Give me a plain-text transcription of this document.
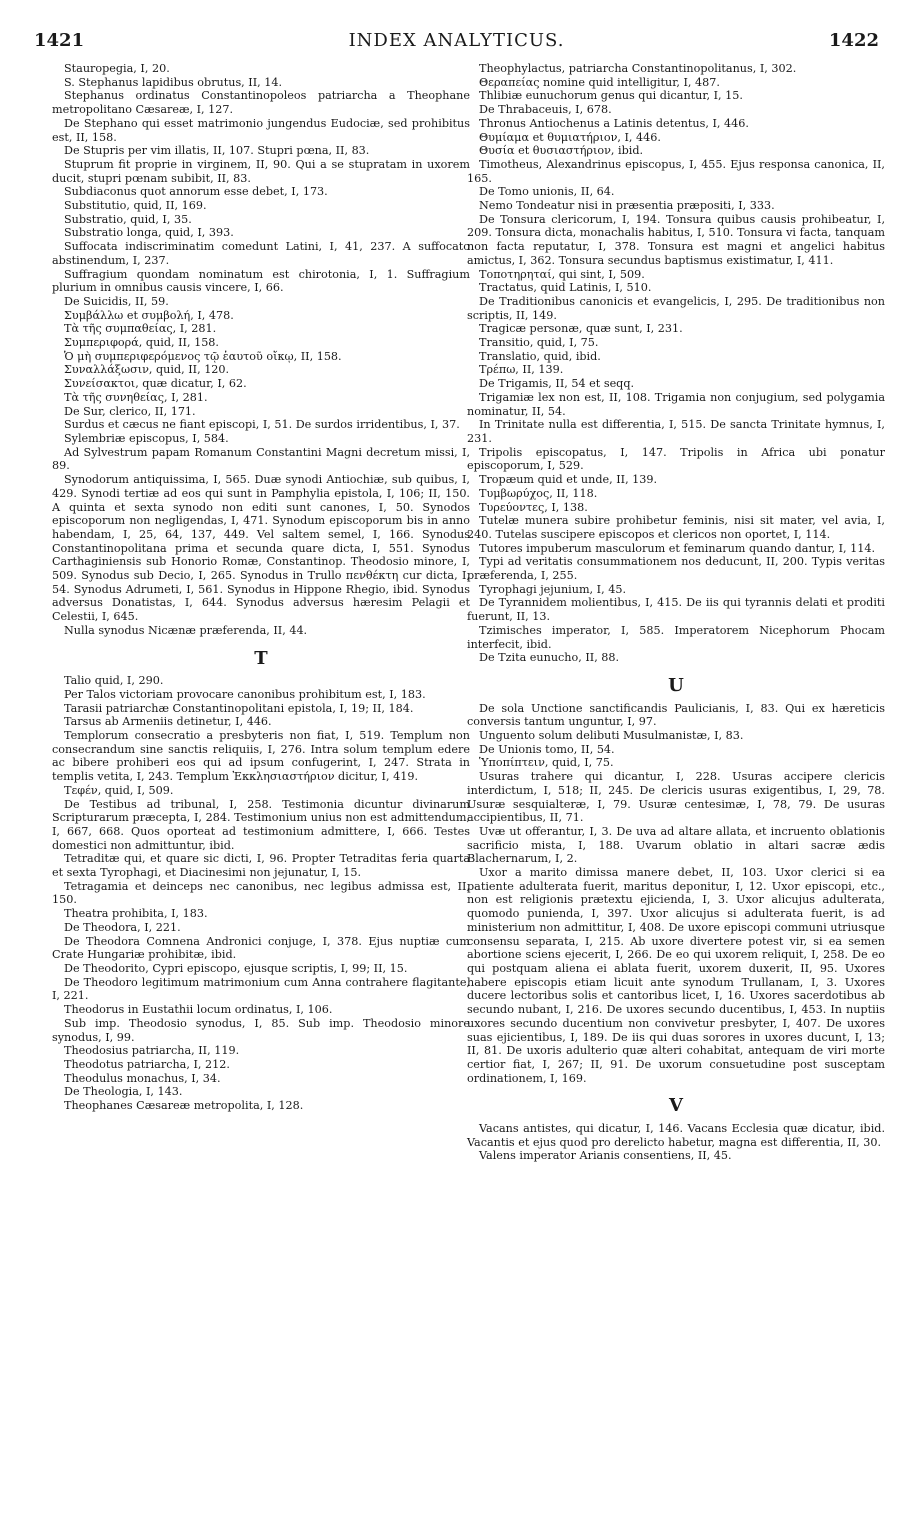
1421	INDEX ANALYTICUS.	1422

Stauropegia, I, 20.

S. Stephanus lapidibus obrutus, II, 14.

Stephanus ordinatus Constantinopoleos patriarcha a Theophane metropolitano Cæsareæ, I, 127.

De Stephano qui esset matrimonio jungendus Eudociæ, sed prohibitus est, II, 158.

De Stupris per vim illatis, II, 107. Stupri pœna, II, 83.

Stuprum fit proprie in virginem, II, 90. Qui a se stupratam in uxorem ducit, stupri pœnam subibit, II, 83.

Subdiaconus quot annorum esse debet, I, 173.

Substitutio, quid, II, 169.

Substratio, quid, I, 35.

Substratio longa, quid, I, 393.

Suffocata indiscriminatim comedunt Latini, I, 41, 237. A suffocato abstinendum, I, 237.

Suffragium quondam nominatum est chirotonia, I, 1. Suffragium plurium in omnibus causis vincere, I, 66.

De Suicidis, II, 59.

Συμβάλλω et συμβολή, I, 478.

Τὰ τῆς συμπαθείας, I, 281.

Συμπεριφορά, quid, II, 158.

Ὁ μὴ συμπεριφερόμενος τῷ ἑαυτοῦ οἴκῳ, II, 158.

Συναλλάξωσιν, quid, II, 120.

Συνείσακτοι, quæ dicatur, I, 62.

Τὰ τῆς συνηθείας, I, 281.

De Sur, clerico, II, 171.

Surdus et cæcus ne fiant episcopi, I, 51. De surdos irridentibus, I, 37.

Sylembriæ episcopus, I, 584.

Ad Sylvestrum papam Romanum Constantini Magni decretum missi, I, 89.

Synodorum antiquissima, I, 565. Duæ synodi Antiochiæ, sub quibus, I, 429. Synodi tertiæ ad eos qui sunt in Pamphylia epistola, I, 106; II, 150. A quinta et sexta synodo non editi sunt canones, I, 50. Synodos episcoporum non negligendas, I, 471. Synodum episcoporum bis in anno habendam, I, 25, 64, 137, 449. Vel saltem semel, I, 166. Synodus Constantinopolitana prima et secunda quare dicta, I, 551. Synodus Carthaginiensis sub Honorio Romæ, Constantinop. Theodosio minore, I, 509. Synodus sub Decio, I, 265. Synodus in Trullo πενθέκτη cur dicta, I, 54. Synodus Adrumeti, I, 561. Synodus in Hippone Rhegio, ibid. Synodus adversus Donatistas, I, 644. Synodus adversus hæresim Pelagii et Celestii, I, 645.

Nulla synodus Nicænæ præferenda, II, 44.

T

Talio quid, I, 290.

Per Talos victoriam provocare canonibus prohibitum est, I, 183.

Tarasii patriarchæ Constantinopolitani epistola, I, 19; II, 184.

Tarsus ab Armeniis detinetur, I, 446.

Templorum consecratio a presbyteris non fiat, I, 519. Templum non consecrandum sine sanctis reliquiis, I, 276. Intra solum templum edere ac bibere prohiberi eos qui ad ipsum confugerint, I, 247. Strata in templis vetita, I, 243. Templum Ἐκκλησιαστήριον dicitur, I, 419.

Τεφέν, quid, I, 509.

De Testibus ad tribunal, I, 258. Testimonia dicuntur divinarum Scripturarum præcepta, I, 284. Testimonium unius non est admittendum, I, 667, 668. Quos oporteat ad testimonium admittere, I, 666. Testes domestici non admittuntur, ibid.

Tetraditæ qui, et quare sic dicti, I, 96. Propter Tetraditas feria quarta et sexta Tyrophagi, et Diacinesimi non jejunatur, I, 15.

Tetragamia et deinceps nec canonibus, nec legibus admissa est, II, 150.

Theatra prohibita, I, 183.

De Theodora, I, 221.

De Theodora Comnena Andronici conjuge, I, 378. Ejus nuptiæ cum Crate Hungariæ prohibitæ, ibid.

De Theodorito, Cypri episcopo, ejusque scriptis, I, 99; II, 15.

De Theodoro legitimum matrimonium cum Anna contrahere flagitante, I, 221.

Theodorus in Eustathii locum ordinatus, I, 106.

Sub imp. Theodosio synodus, I, 85. Sub imp. Theodosio minore synodus, I, 99.

Theodosius patriarcha, II, 119.

Theodotus patriarcha, I, 212.

Theodulus monachus, I, 34.

De Theologia, I, 143.

Theophanes Cæsareæ metropolita, I, 128.

Theophylactus, patriarcha Constantinopolitanus, I, 302.

Θεραπείας nomine quid intelligitur, I, 487.

Thlibiæ eunuchorum genus qui dicantur, I, 15.

De Thrabaceuis, I, 678.

Thronus Antiochenus a Latinis detentus, I, 446.

Θυμίαμα et θυμιατήριον, I, 446.

Θυσία et θυσιαστήριον, ibid.

Timotheus, Alexandrinus episcopus, I, 455. Ejus responsa canonica, II, 165.

De Tomo unionis, II, 64.

Nemo Tondeatur nisi in præsentia præpositi, I, 333.

De Tonsura clericorum, I, 194. Tonsura quibus causis prohibeatur, I, 209. Tonsura dicta, monachalis habitus, I, 510. Tonsura vi facta, tanquam non facta reputatur, I, 378. Tonsura est magni et angelici habitus amictus, I, 362. Tonsura secundus baptismus existimatur, I, 411.

Τοποτηρηταί, qui sint, I, 509.

Tractatus, quid Latinis, I, 510.

De Traditionibus canonicis et evangelicis, I, 295. De traditionibus non scriptis, II, 149.

Tragicæ personæ, quæ sunt, I, 231.

Transitio, quid, I, 75.

Translatio, quid, ibid.

Τρέπω, II, 139.

De Trigamis, II, 54 et seqq.

Trigamiæ lex non est, II, 108. Trigamia non conjugium, sed polygamia nominatur, II, 54.

In Trinitate nulla est differentia, I, 515. De sancta Trinitate hymnus, I, 231.

Tripolis episcopatus, I, 147. Tripolis in Africa ubi ponatur episcoporum, I, 529.

Tropæum quid et unde, II, 139.

Τυμβωρύχος, II, 118.

Τυρεύοντες, I, 138.

Tutelæ munera subire prohibetur feminis, nisi sit mater, vel avia, I, 240. Tutelas suscipere episcopos et clericos non oportet, I, 114.

Tutores impuberum masculorum et feminarum quando dantur, I, 114.

Typi ad veritatis consummationem nos deducunt, II, 200. Typis veritas præferenda, I, 255.

Tyrophagi jejunium, I, 45.

De Tyrannidem molientibus, I, 415. De iis qui tyrannis delati et proditi fuerunt, II, 13.

Tzimisches imperator, I, 585. Imperatorem Nicephorum Phocam interfecit, ibid.

De Tzita eunucho, II, 88.

U

De sola Unctione sanctificandis Paulicianis, I, 83. Qui ex hæreticis conversis tantum unguntur, I, 97.

Unguento solum delibuti Musulmanistæ, I, 83.

De Unionis tomo, II, 54.

Ὑποπίπτειν, quid, I, 75.

Usuras trahere qui dicantur, I, 228. Usuras accipere clericis interdictum, I, 518; II, 245. De clericis usuras exigentibus, I, 29, 78. Usuræ sesquialteræ, I, 79. Usuræ centesimæ, I, 78, 79. De usuras accipientibus, II, 71.

Uvæ ut offerantur, I, 3. De uva ad altare allata, et incruento oblationis sacrificio mista, I, 188. Uvarum oblatio in altari sacræ ædis Blachernarum, I, 2.

Uxor a marito dimissa manere debet, II, 103. Uxor clerici si ea patiente adulterata fuerit, maritus deponitur, I, 12. Uxor episcopi, etc., non est religionis prætextu ejicienda, I, 3. Uxor alicujus adulterata, quomodo punienda, I, 397. Uxor alicujus si adulterata fuerit, is ad ministerium non admittitur, I, 408. De uxore episcopi communi utriusque consensu separata, I, 215. Ab uxore divertere potest vir, si ea semen abortione sciens ejecerit, I, 266. De eo qui uxorem reliquit, I, 258. De eo qui postquam aliena ei ablata fuerit, uxorem duxerit, II, 95. Uxores habere episcopis etiam licuit ante synodum Trullanam, I, 3. Uxores ducere lectoribus solis et cantoribus licet, I, 16. Uxores sacerdotibus ab secundo nubant, I, 216. De uxores secundo ducentibus, I, 453. In nuptiis uxores secundo ducentium non convivetur presbyter, I, 407. De uxores suas ejicientibus, I, 189. De iis qui duas sorores in uxores ducunt, I, 13; II, 81. De uxoris adulterio quæ alteri cohabitat, antequam de viri morte certior fiat, I, 267; II, 91. De uxorum consuetudine post susceptam ordinationem, I, 169.

V

Vacans antistes, qui dicatur, I, 146. Vacans Ecclesia quæ dicatur, ibid. Vacantis et ejus quod pro derelicto habetur, magna est differentia, II, 30.

Valens imperator Arianis consentiens, II, 45.
